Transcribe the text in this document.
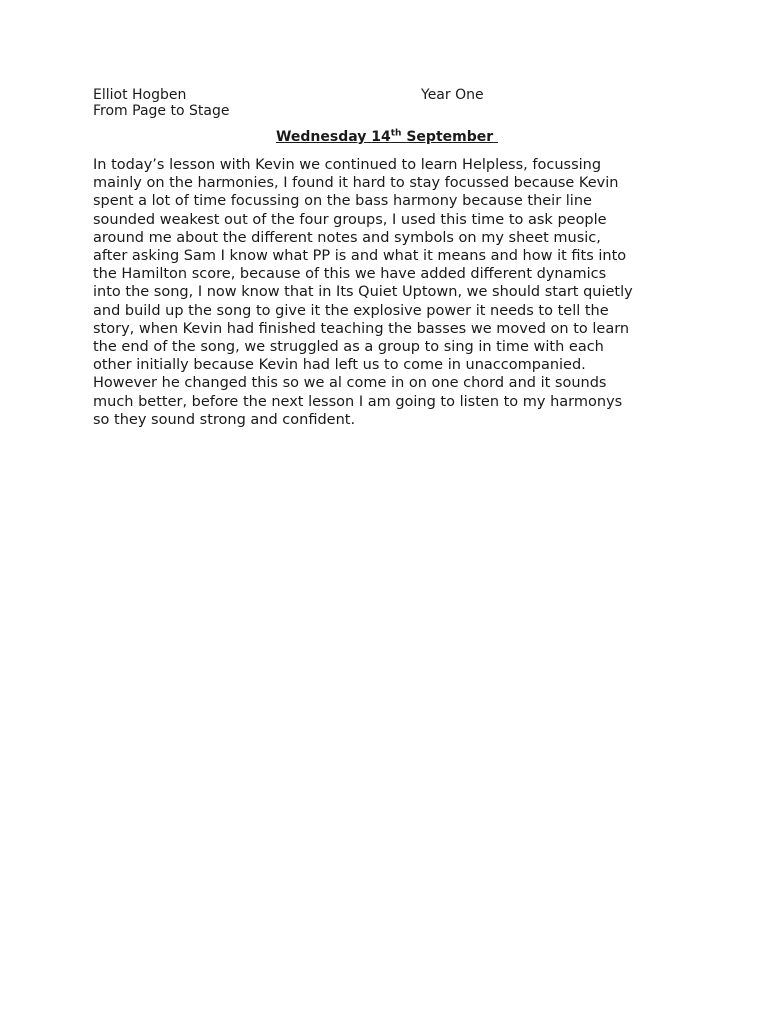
Elliot Hogben	Year One
From Page to Stage
Wednesday 14th September
In today’s lesson with Kevin we continued to learn Helpless, focussing
mainly on the harmonies, I found it hard to stay focussed because Kevin
spent a lot of time focussing on the bass harmony because their line
sounded weakest out of the four groups, I used this time to ask people
around me about the different notes and symbols on my sheet music,
after asking Sam I know what PP is and what it means and how it fits into
the Hamilton score, because of this we have added different dynamics
into the song, I now know that in Its Quiet Uptown, we should start quietly
and build up the song to give it the explosive power it needs to tell the
story, when Kevin had finished teaching the basses we moved on to learn
the end of the song, we struggled as a group to sing in time with each
other initially because Kevin had left us to come in unaccompanied.
However he changed this so we al come in on one chord and it sounds
much better, before the next lesson I am going to listen to my harmonys
so they sound strong and confident.
